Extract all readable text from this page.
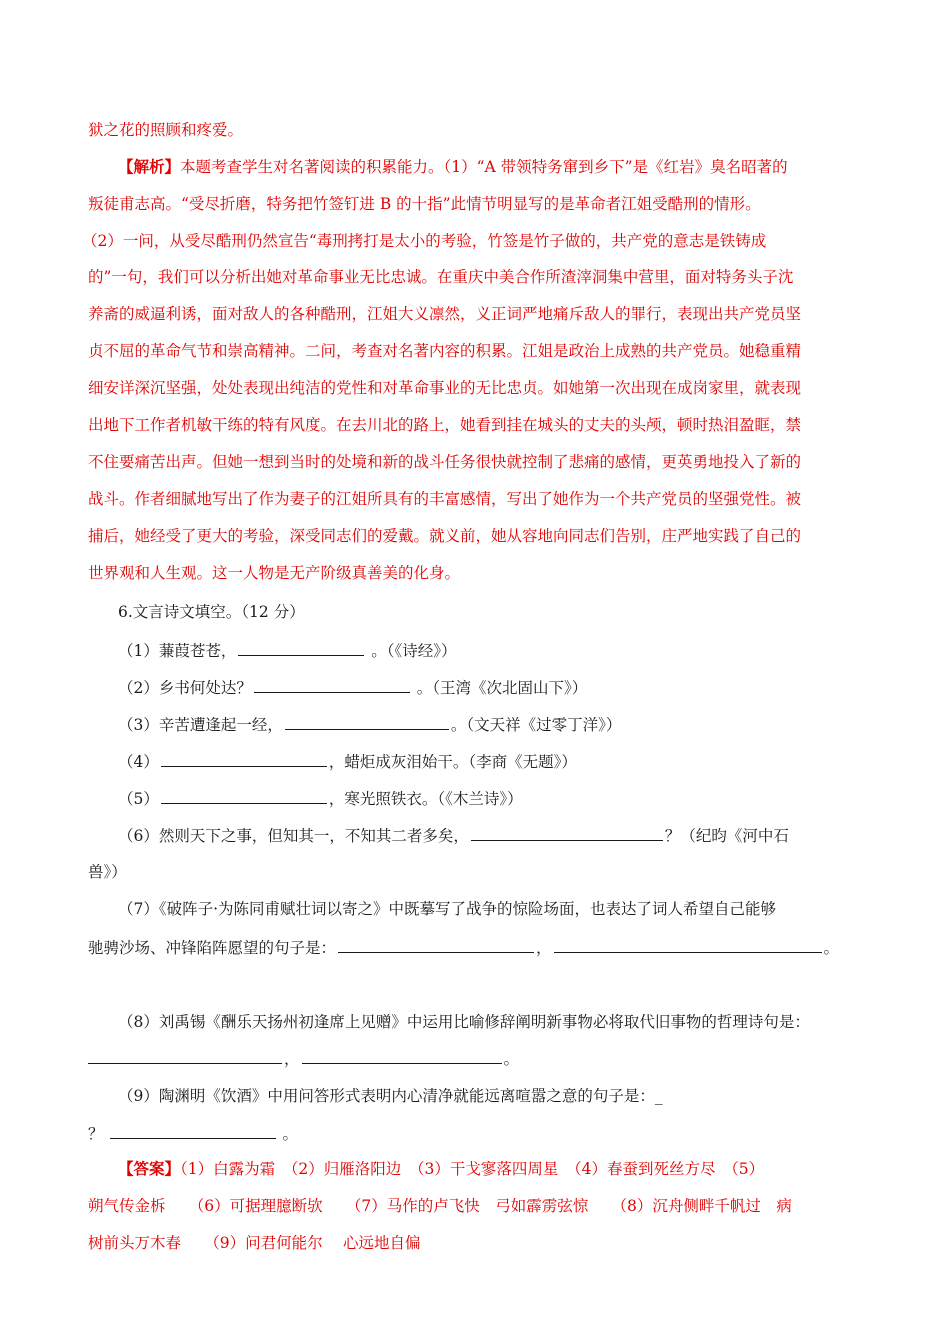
狱之花的照顾和疼爱。
【解析】本题考查学生对名著阅读的积累能力。（1）“A 带领特务窜到乡下”是《红岩》臭名昭著的
叛徒甫志高。“受尽折磨，特务把竹签钉进 B 的十指”此情节明显写的是革命者江姐受酷刑的情形。
（2）一问，从受尽酷刑仍然宣告“毒刑拷打是太小的考验，竹签是竹子做的，共产党的意志是铁铸成
的”一句，我们可以分析出她对革命事业无比忠诚。在重庆中美合作所渣滓洞集中营里，面对特务头子沈
养斋的威逼利诱，面对敌人的各种酷刑，江姐大义凛然，义正词严地痛斥敌人的罪行，表现出共产党员坚
贞不屈的革命气节和崇高精神。二问，考查对名著内容的积累。江姐是政治上成熟的共产党员。她稳重精
细安详深沉坚强，处处表现出纯洁的党性和对革命事业的无比忠贞。如她第一次出现在成岗家里，就表现
出地下工作者机敏干练的特有风度。在去川北的路上，她看到挂在城头的丈夫的头颅，顿时热泪盈眶，禁
不住要痛苦出声。但她一想到当时的处境和新的战斗任务很快就控制了悲痛的感情，更英勇地投入了新的
战斗。作者细腻地写出了作为妻子的江姐所具有的丰富感情，写出了她作为一个共产党员的坚强党性。被
捕后，她经受了更大的考验，深受同志们的爱戴。就义前，她从容地向同志们告别，庄严地实践了自己的
世界观和人生观。这一人物是无产阶级真善美的化身。
6.文言诗文填空。（12 分）
（1）蒹葭苍苍，	。（《诗经》）
（2）乡书何处达？	。（王湾《次北固山下》）
（3）辛苦遭逢起一经，	。（文天祥《过零丁洋》）
（4）	，蜡炬成灰泪始干。（李商《无题》）
（5）	，寒光照铁衣。（《木兰诗》）
（6）然则天下之事，但知其一，不知其二者多矣，	？（纪昀《河中石
兽》）
（7）《破阵子·为陈同甫赋壮词以寄之》中既摹写了战争的惊险场面，也表达了词人希望自己能够
驰骋沙场、冲锋陷阵愿望的句子是：	，	。
（8）刘禹锡《酬乐天扬州初逢席上见赠》中运用比喻修辞阐明新事物必将取代旧事物的哲理诗句是：
，	。
（9）陶渊明《饮酒》中用问答形式表明内心清净就能远离喧嚣之意的句子是：_
？	。
【答案】（1）白露为霜　（2）归雁洛阳边　（3）干戈寥落四周星　（4）春蚕到死丝方尽　（5）
朔气传金柝　　（6）可据理臆断欤　　（7）马作的卢飞快　弓如霹雳弦惊　　（8）沉舟侧畔千帆过　病
树前头万木春　　（9）问君何能尔　 心远地自偏
